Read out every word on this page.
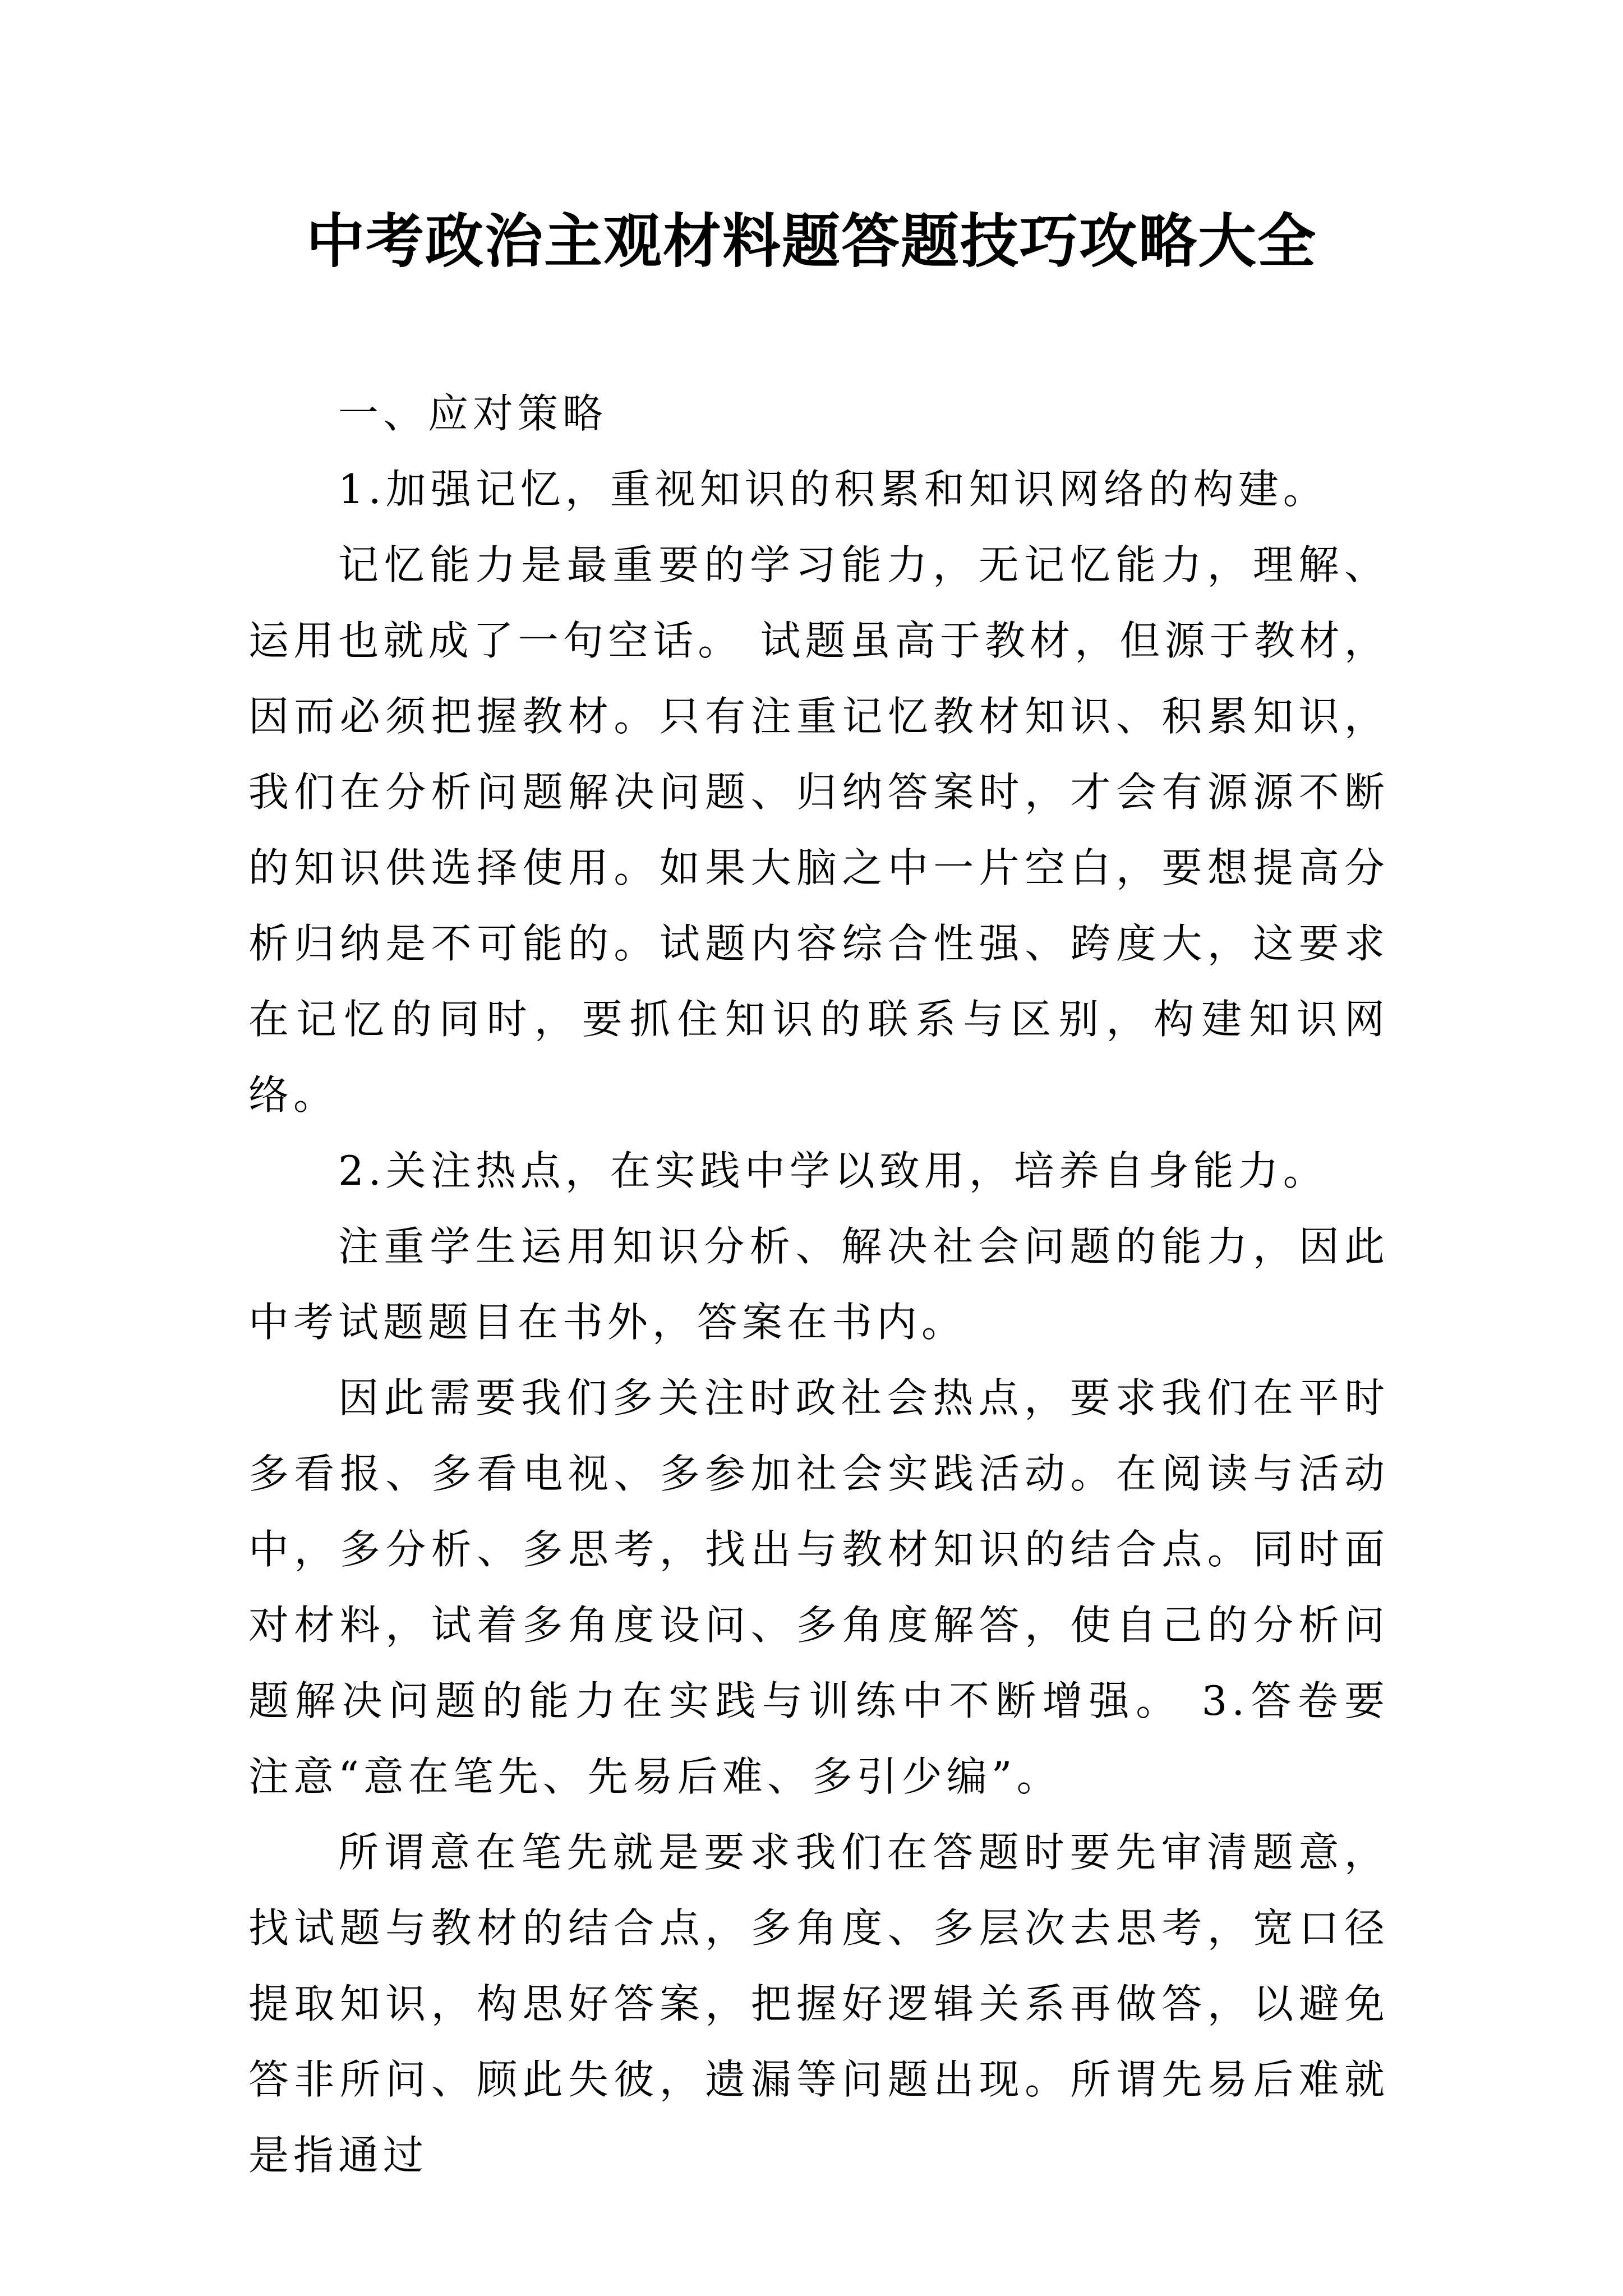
中考政治主观材料题答题技巧攻略大全

一、应对策略

1.加强记忆，重视知识的积累和知识网络的构建。

记忆能力是最重要的学习能力，无记忆能力，理解、运用也就成了一句空话。 试题虽高于教材，但源于教材，因而必须把握教材。只有注重记忆教材知识、积累知识，我们在分析问题解决问题、归纳答案时，才会有源源不断的知识供选择使用。如果大脑之中一片空白，要想提高分析归纳是不可能的。试题内容综合性强、跨度大，这要求在记忆的同时，要抓住知识的联系与区别，构建知识网络。

2.关注热点，在实践中学以致用，培养自身能力。

注重学生运用知识分析、解决社会问题的能力，因此中考试题题目在书外，答案在书内。

因此需要我们多关注时政社会热点，要求我们在平时多看报、多看电视、多参加社会实践活动。在阅读与活动中，多分析、多思考，找出与教材知识的结合点。同时面对材料，试着多角度设问、多角度解答，使自己的分析问题解决问题的能力在实践与训练中不断增强。 3.答卷要注意“意在笔先、先易后难、多引少编”。

所谓意在笔先就是要求我们在答题时要先审清题意，找试题与教材的结合点，多角度、多层次去思考，宽口径提取知识，构思好答案，把握好逻辑关系再做答，以避免答非所问、顾此失彼，遗漏等问题出现。所谓先易后难就是指通过
